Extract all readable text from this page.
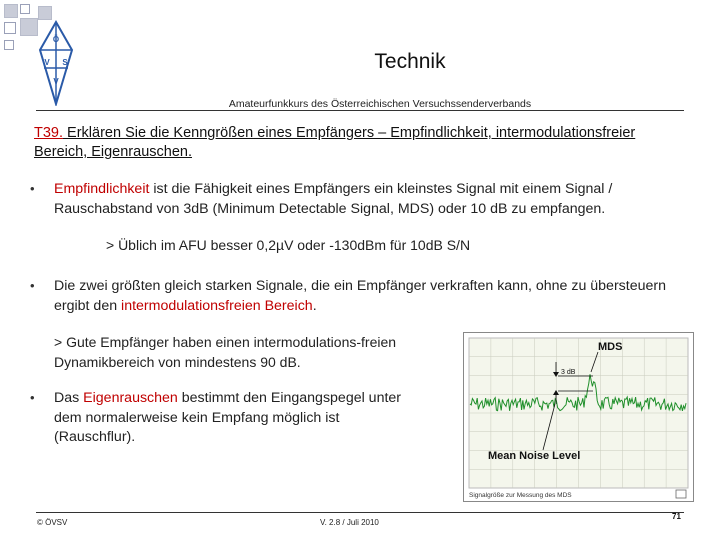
Ö
V S
V
Technik
Amateurfunkkurs des Österreichischen Versuchssenderverbands
T39. Erklären Sie die Kenngrößen eines Empfängers – Empfindlichkeit, intermodulationsfreier Bereich, Eigenrauschen.
• Empfindlichkeit ist die Fähigkeit eines Empfängers ein kleinstes Signal mit einem Signal / Rauschabstand von 3dB (Minimum Detectable Signal, MDS) oder 10 dB zu empfangen.
> Üblich im AFU besser 0,2µV oder -130dBm für 10dB S/N
• Die zwei größten gleich starken Signale, die ein Empfänger verkraften kann, ohne zu übersteuern ergibt den intermodulationsfreien Bereich.
> Gute Empfänger haben einen intermodulations-freien Dynamikbereich von mindestens 90 dB.
• Das Eigenrauschen bestimmt den Eingangspegel unter dem normalerweise kein Empfang möglich ist (Rauschflur).
MDS
3 dB
Mean Noise Level
Signalgröße zur Messung des MDS
© ÖVSV	V. 2.8 / Juli 2010
71
